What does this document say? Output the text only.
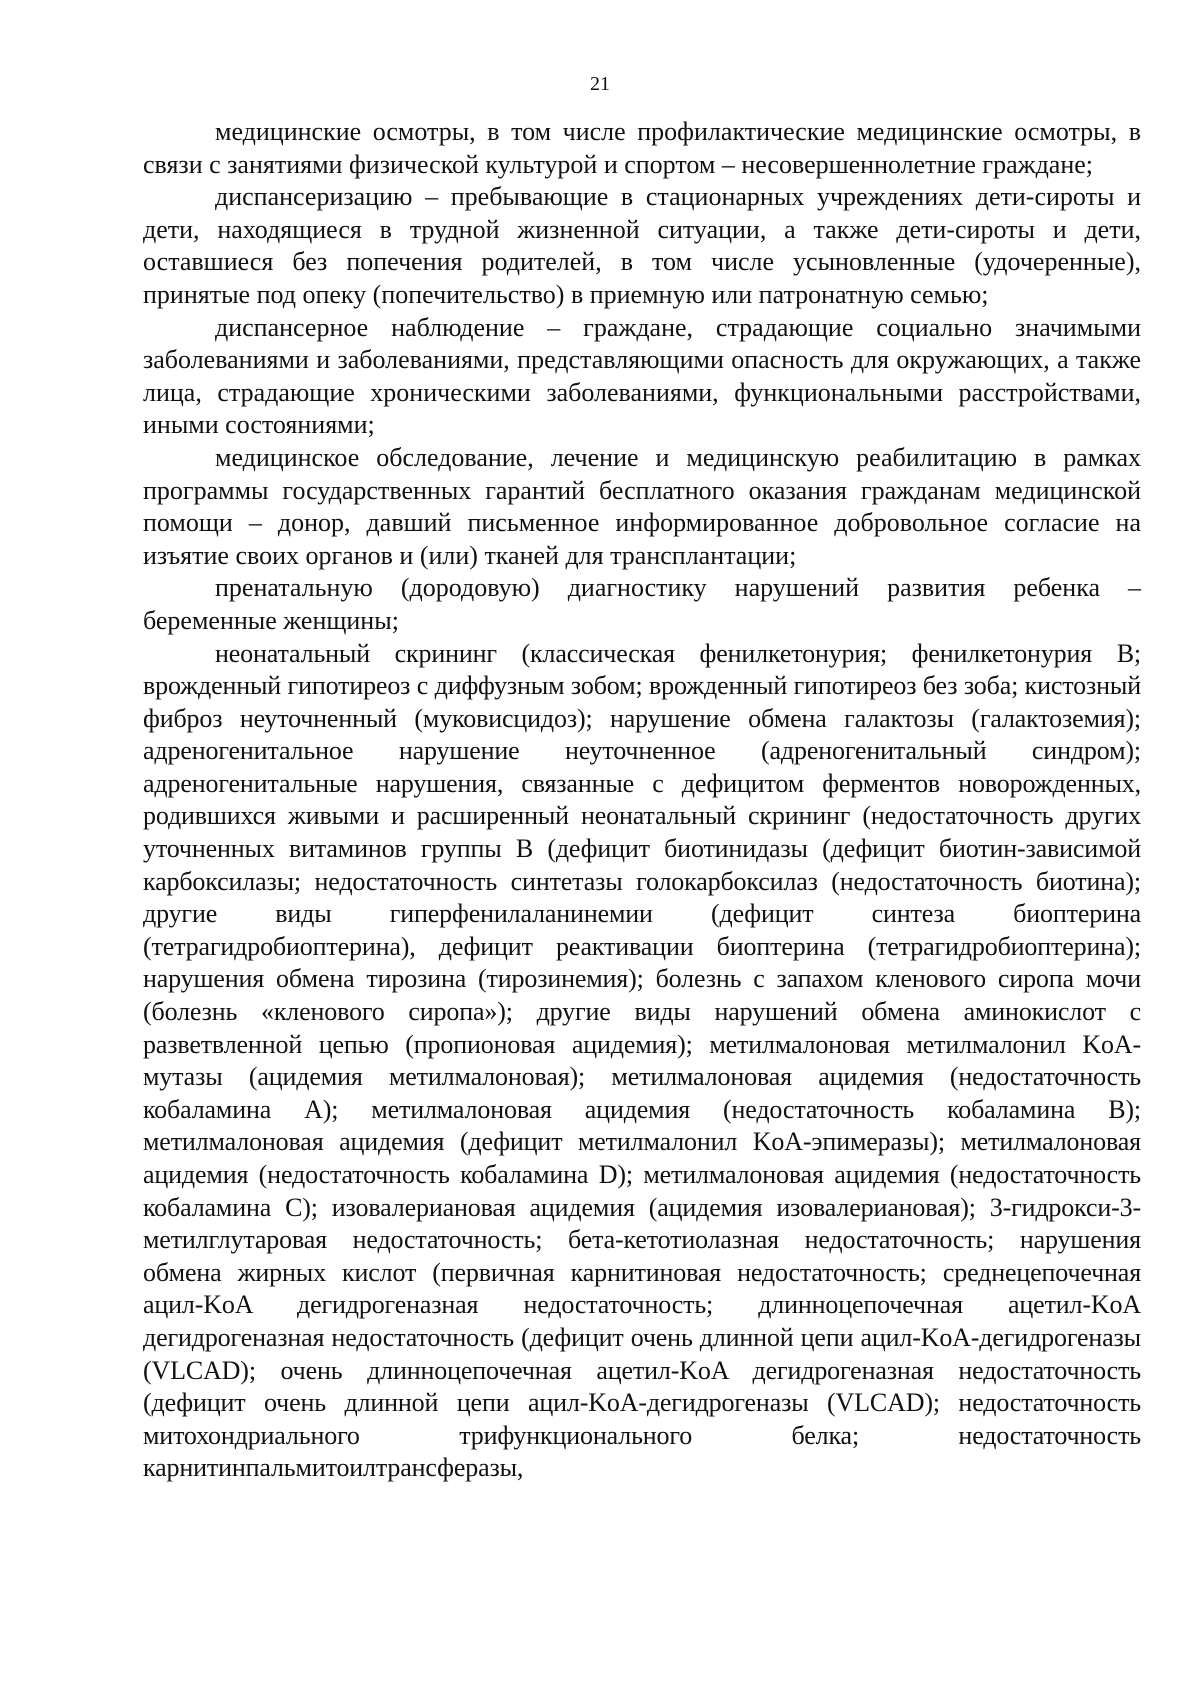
21

медицинские осмотры, в том числе профилактические медицинские осмотры, в связи с занятиями физической культурой и спортом – несовершеннолетние граждане;

диспансеризацию – пребывающие в стационарных учреждениях дети-сироты и дети, находящиеся в трудной жизненной ситуации, а также дети-сироты и дети, оставшиеся без попечения родителей, в том числе усыновленные (удочеренные), принятые под опеку (попечительство) в приемную или патронатную семью;

диспансерное наблюдение – граждане, страдающие социально значимыми заболеваниями и заболеваниями, представляющими опасность для окружающих, а также лица, страдающие хроническими заболеваниями, функциональными расстройствами, иными состояниями;

медицинское обследование, лечение и медицинскую реабилитацию в рамках программы государственных гарантий бесплатного оказания гражданам медицинской помощи – донор, давший письменное информированное добровольное согласие на изъятие своих органов и (или) тканей для трансплантации;

пренатальную (дородовую) диагностику нарушений развития ребенка – беременные женщины;

неонатальный скрининг (классическая фенилкетонурия; фенилкетонурия B; врожденный гипотиреоз с диффузным зобом; врожденный гипотиреоз без зоба; кистозный фиброз неуточненный (муковисцидоз); нарушение обмена галактозы (галактоземия); адреногенитальное нарушение неуточненное (адреногенитальный синдром); адреногенитальные нарушения, связанные с дефицитом ферментов новорожденных, родившихся живыми и расширенный неонатальный скрининг (недостаточность других уточненных витаминов группы B (дефицит биотинидазы (дефицит биотин-зависимой карбоксилазы; недостаточность синтетазы голокарбоксилаз (недостаточность биотина); другие виды гиперфенилаланинемии (дефицит синтеза биоптерина (тетрагидробиоптерина), дефицит реактивации биоптерина (тетрагидробиоптерина); нарушения обмена тирозина (тирозинемия); болезнь с запахом кленового сиропа мочи (болезнь «кленового сиропа»); другие виды нарушений обмена аминокислот с разветвленной цепью (пропионовая ацидемия); метилмалоновая метилмалонил KoA-мутазы (ацидемия метилмалоновая); метилмалоновая ацидемия (недостаточность кобаламина A); метилмалоновая ацидемия (недостаточность кобаламина B); метилмалоновая ацидемия (дефицит метилмалонил KoA-эпимеразы); метилмалоновая ацидемия (недостаточность кобаламина D); метилмалоновая ацидемия (недостаточность кобаламина C); изовалериановая ацидемия (ацидемия изовалериановая); 3-гидрокси-3-метилглутаровая недостаточность; бета-кетотиолазная недостаточность; нарушения обмена жирных кислот (первичная карнитиновая недостаточность; среднецепочечная ацил-KoA дегидрогеназная недостаточность; длинноцепочечная ацетил-KoA дегидрогеназная недостаточность (дефицит очень длинной цепи ацил-KoA-дегидрогеназы (VLCAD); очень длинноцепочечная ацетил-KoA дегидрогеназная недостаточность (дефицит очень длинной цепи ацил-KoA-дегидрогеназы (VLCAD); недостаточность митохондриального трифункционального белка; недостаточность карнитинпальмитоилтрансферазы,
